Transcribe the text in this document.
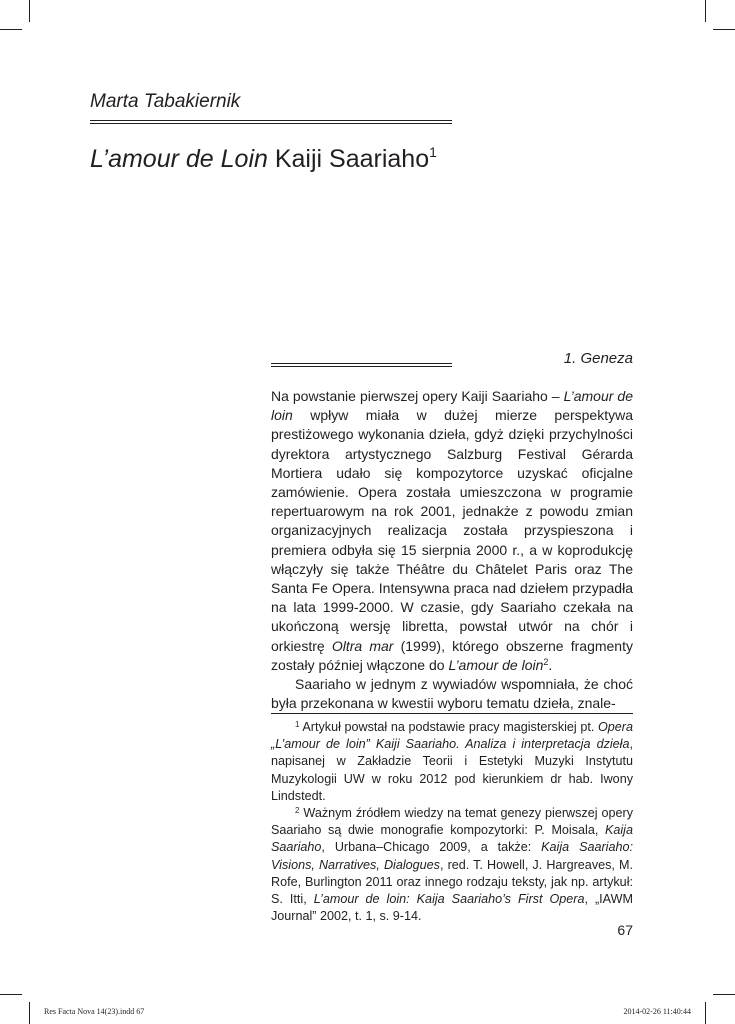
Marta Tabakiernik
L’amour de Loin Kaiji Saariaho$^1$
1. Geneza

Na powstanie pierwszej opery Kaiji Saariaho – L’amour de loin wpływ miała w dużej mierze perspektywa prestiżowego wykonania dzieła, gdyż dzięki przychylności dyrektora artystycznego Salzburg Festival Gérarda Mortiera udało się kompozytorce uzyskać oficjalne zamówienie. Opera została umieszczona w programie repertuarowym na rok 2001, jednakże z powodu zmian organizacyjnych realizacja została przyspieszona i premiera odbyła się 15 sierpnia 2000 r., a w koprodukcję włączyły się także Théâtre du Châtelet Paris oraz The Santa Fe Opera. Intensywna praca nad dziełem przypadła na lata 1999-2000. W czasie, gdy Saariaho czekała na ukończoną wersję libretta, powstał utwór na chór i orkiestrę Oltra mar (1999), którego obszerne fragmenty zostały później włączone do L’amour de loin$^2$.

Saariaho w jednym z wywiadów wspomniała, że choć była przekonana w kwestii wyboru tematu dzieła, znale-

$^1$ Artykuł powstał na podstawie pracy magisterskiej pt. Opera „L’amour de loin” Kaiji Saariaho. Analiza i interpretacja dzieła, napisanej w Zakładzie Teorii i Estetyki Muzyki Instytutu Muzykologii UW w roku 2012 pod kierunkiem dr hab. Iwony Lindstedt.

$^2$ Ważnym źródłem wiedzy na temat genezy pierwszej opery Saariaho są dwie monografie kompozytorki: P. Moisala, Kaija Saariaho, Urbana–Chicago 2009, a także: Kaija Saariaho: Visions, Narratives, Dialogues, red. T. Howell, J. Hargreaves, M. Rofe, Burlington 2011 oraz innego rodzaju teksty, jak np. artykuł: S. Itti, L’amour de loin: Kaija Saariaho’s First Opera, „IAWM Journal” 2002, t. 1, s. 9-14.

67
Res Facta Nova 14(23).indd 67	2014-02-26 11:40:44
